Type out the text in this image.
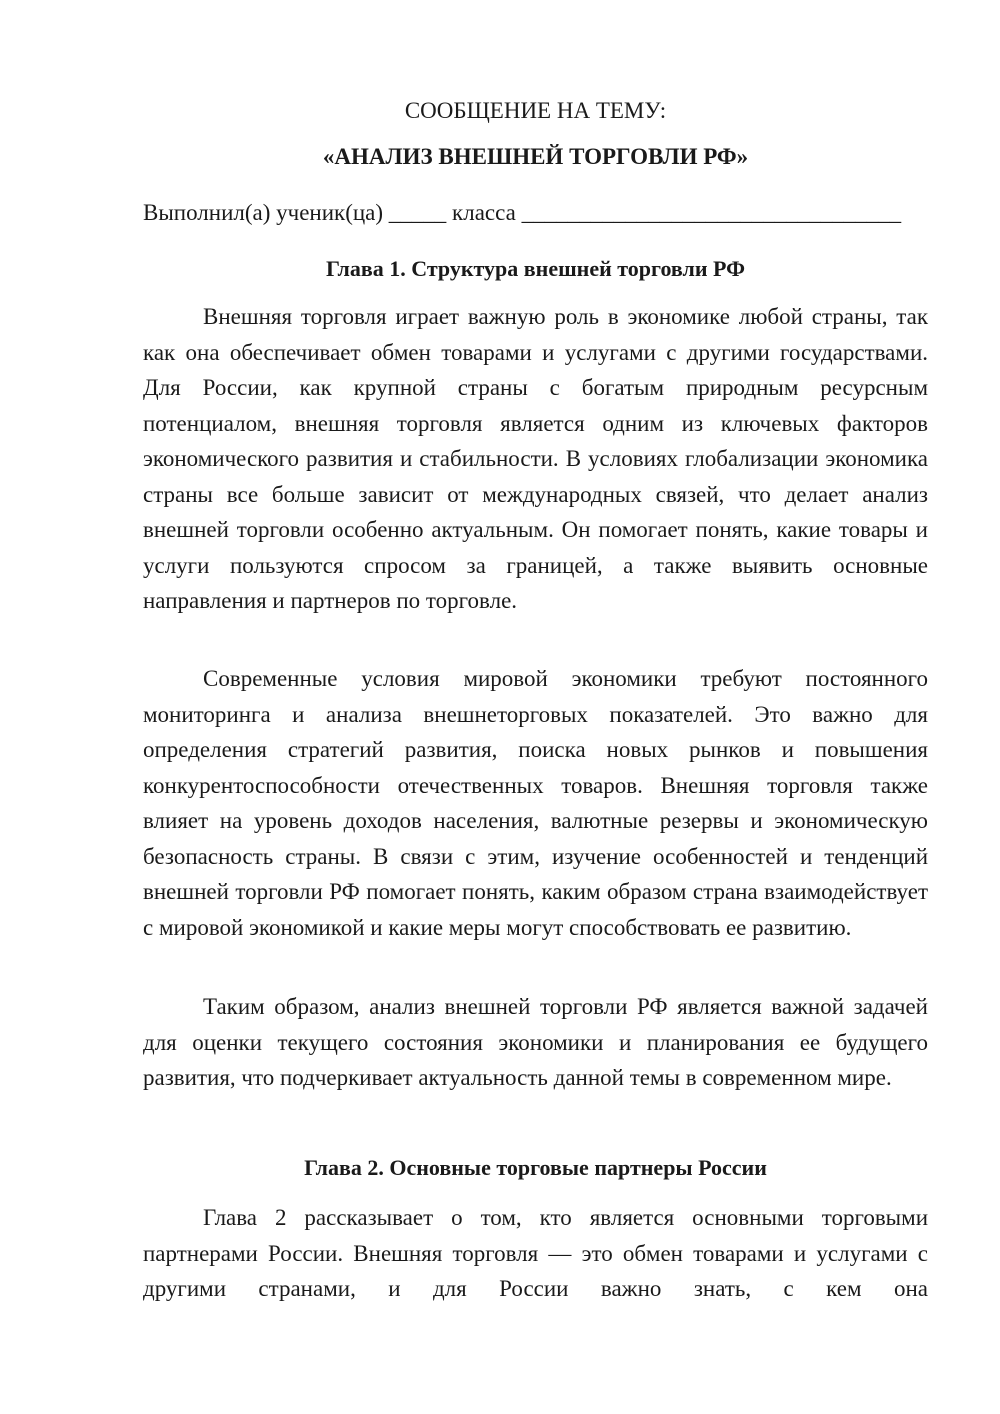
СООБЩЕНИЕ НА ТЕМУ:

«АНАЛИЗ ВНЕШНЕЙ ТОРГОВЛИ РФ»

Выполнил(а) ученик(ца) _____ класса _________________________________

Глава 1. Структура внешней торговли РФ

Внешняя торговля играет важную роль в экономике любой страны, так как она обеспечивает обмен товарами и услугами с другими государствами. Для России, как крупной страны с богатым природным ресурсным потенциалом, внешняя торговля является одним из ключевых факторов экономического развития и стабильности. В условиях глобализации экономика страны все больше зависит от международных связей, что делает анализ внешней торговли особенно актуальным. Он помогает понять, какие товары и услуги пользуются спросом за границей, а также выявить основные направления и партнеров по торговле.

Современные условия мировой экономики требуют постоянного мониторинга и анализа внешнеторговых показателей. Это важно для определения стратегий развития, поиска новых рынков и повышения конкурентоспособности отечественных товаров. Внешняя торговля также влияет на уровень доходов населения, валютные резервы и экономическую безопасность страны. В связи с этим, изучение особенностей и тенденций внешней торговли РФ помогает понять, каким образом страна взаимодействует с мировой экономикой и какие меры могут способствовать ее развитию.

Таким образом, анализ внешней торговли РФ является важной задачей для оценки текущего состояния экономики и планирования ее будущего развития, что подчеркивает актуальность данной темы в современном мире.

Глава 2. Основные торговые партнеры России

Глава 2 рассказывает о том, кто является основными торговыми партнерами России. Внешняя торговля — это обмен товарами и услугами с другими странами, и для России важно знать, с кем она
